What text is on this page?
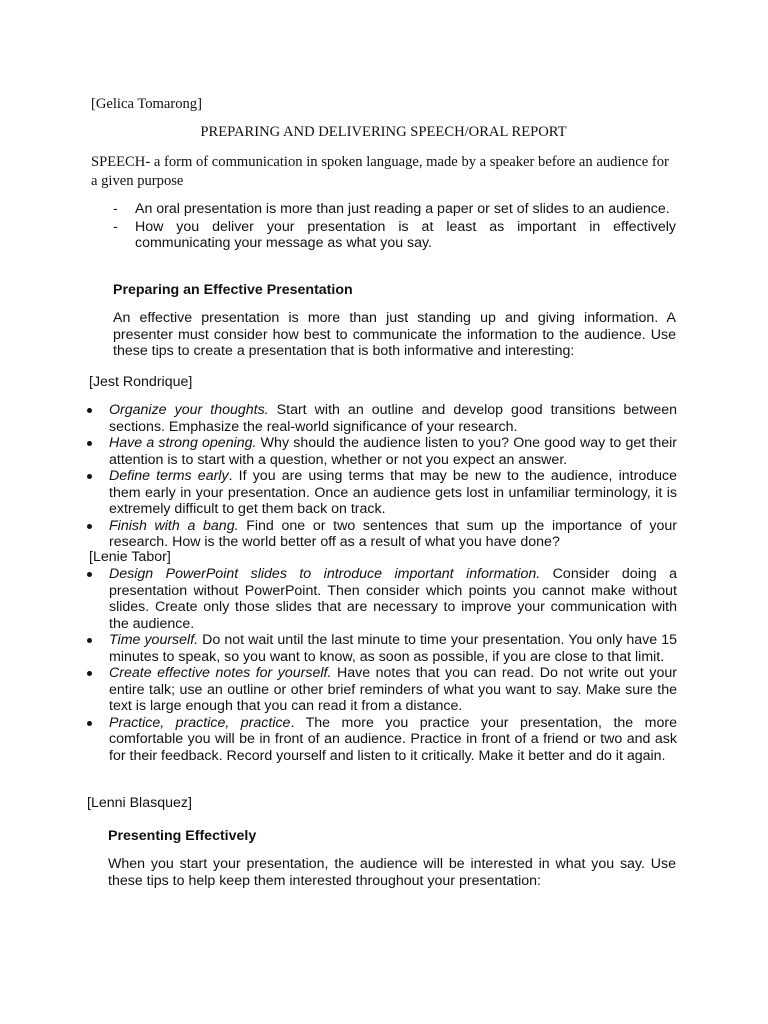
[Gelica Tomarong]
PREPARING AND DELIVERING SPEECH/ORAL REPORT
SPEECH- a form of communication in spoken language, made by a speaker before an audience for a given purpose
- An oral presentation is more than just reading a paper or set of slides to an audience.
- How you deliver your presentation is at least as important in effectively communicating your message as what you say.
Preparing an Effective Presentation
An effective presentation is more than just standing up and giving information. A presenter must consider how best to communicate the information to the audience. Use these tips to create a presentation that is both informative and interesting:
[Jest Rondrique]
Organize your thoughts. Start with an outline and develop good transitions between sections. Emphasize the real-world significance of your research.
Have a strong opening. Why should the audience listen to you? One good way to get their attention is to start with a question, whether or not you expect an answer.
Define terms early. If you are using terms that may be new to the audience, introduce them early in your presentation. Once an audience gets lost in unfamiliar terminology, it is extremely difficult to get them back on track.
Finish with a bang. Find one or two sentences that sum up the importance of your research. How is the world better off as a result of what you have done?
[Lenie Tabor]
Design PowerPoint slides to introduce important information. Consider doing a presentation without PowerPoint. Then consider which points you cannot make without slides. Create only those slides that are necessary to improve your communication with the audience.
Time yourself. Do not wait until the last minute to time your presentation. You only have 15 minutes to speak, so you want to know, as soon as possible, if you are close to that limit.
Create effective notes for yourself. Have notes that you can read. Do not write out your entire talk; use an outline or other brief reminders of what you want to say. Make sure the text is large enough that you can read it from a distance.
Practice, practice, practice. The more you practice your presentation, the more comfortable you will be in front of an audience. Practice in front of a friend or two and ask for their feedback. Record yourself and listen to it critically. Make it better and do it again.
[Lenni Blasquez]
Presenting Effectively
When you start your presentation, the audience will be interested in what you say. Use these tips to help keep them interested throughout your presentation:
